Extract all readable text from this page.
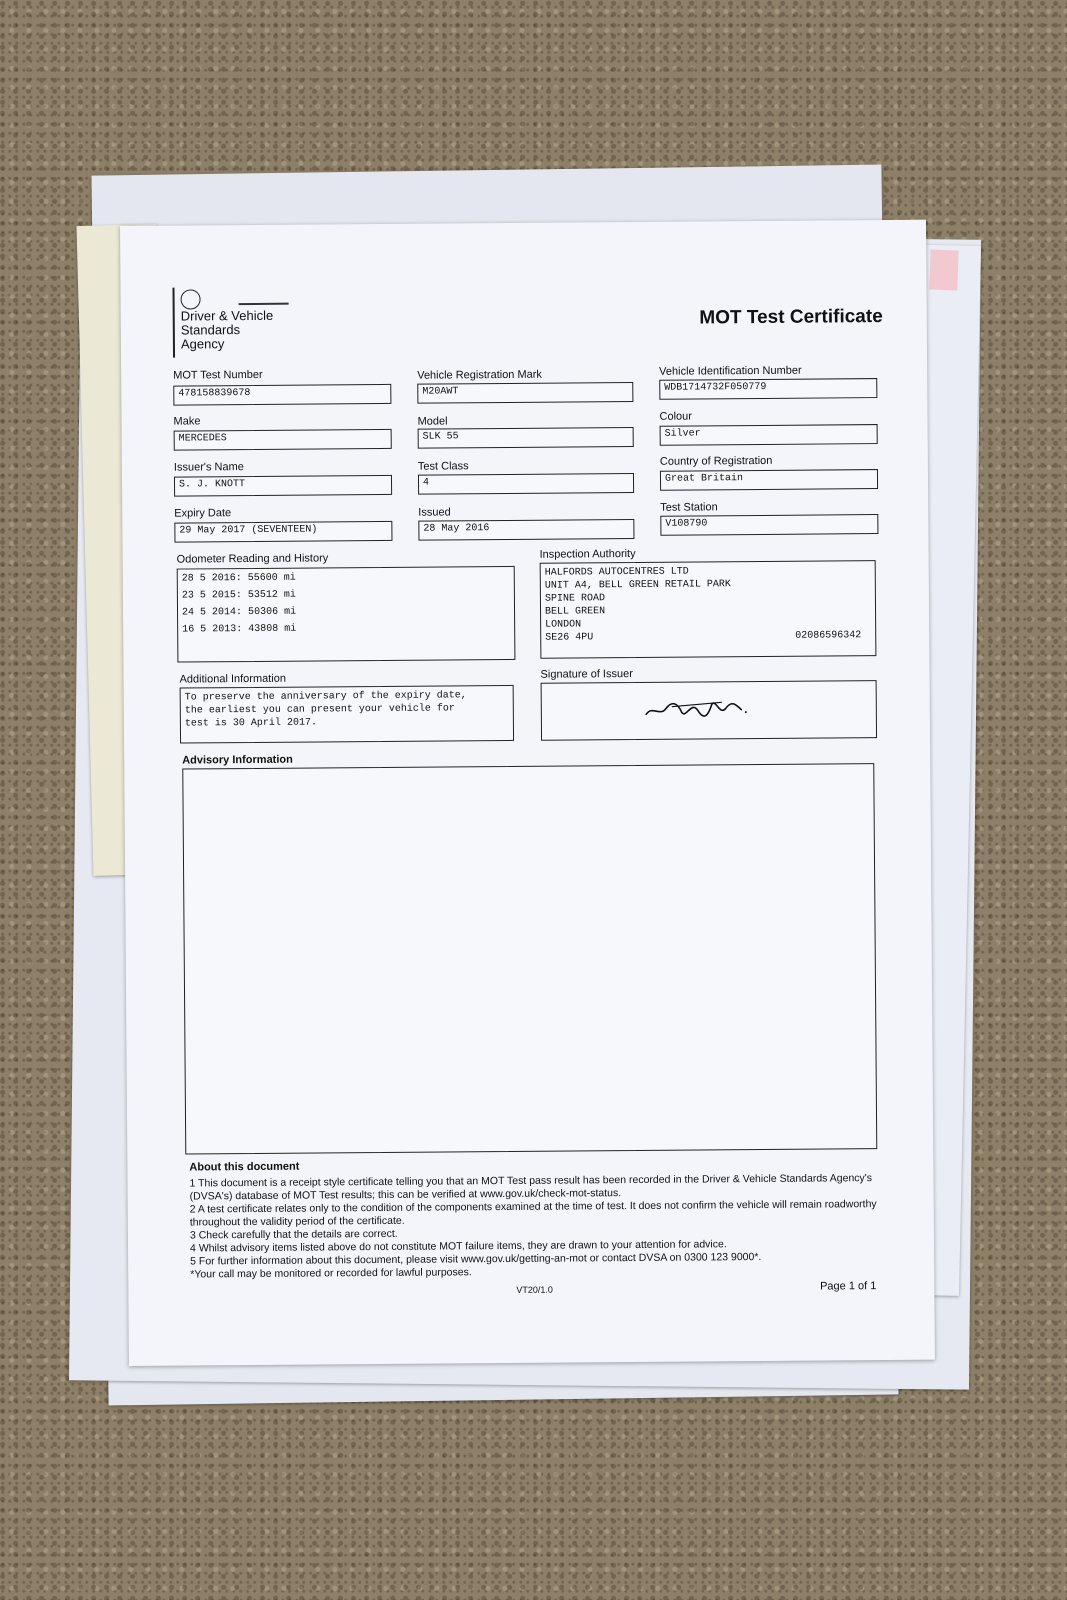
Driver & Vehicle
Standards
Agency
MOT Test Certificate
MOT Test Number
478158839678
Vehicle Registration Mark
M20AWT
Vehicle Identification Number
WDB1714732F050779
Make
MERCEDES
Model
SLK 55
Colour
Silver
Issuer's Name
S. J. KNOTT
Test Class
4
Country of Registration
Great Britain
Expiry Date
29 May 2017 (SEVENTEEN)
Issued
28 May 2016
Test Station
V108790
Odometer Reading and History
28 5 2016: 55600 mi
23 5 2015: 53512 mi
24 5 2014: 50306 mi
16 5 2013: 43808 mi
Inspection Authority
HALFORDS AUTOCENTRES LTD
UNIT A4, BELL GREEN RETAIL PARK
SPINE ROAD
BELL GREEN
LONDON
SE26 4PU	02086596342
Additional Information
To preserve the anniversary of the expiry date,
the earliest you can present your vehicle for
test is 30 April 2017.
Signature of Issuer
Advisory Information
About this document

1 This document is a receipt style certificate telling you that an MOT Test pass result has been recorded in the Driver & Vehicle Standards Agency's (DVSA's) database of MOT Test results; this can be verified at www.gov.uk/check-mot-status.

2 A test certificate relates only to the condition of the components examined at the time of test. It does not confirm the vehicle will remain roadworthy throughout the validity period of the certificate.

3 Check carefully that the details are correct.

4 Whilst advisory items listed above do not constitute MOT failure items, they are drawn to your attention for advice.

5 For further information about this document, please visit www.gov.uk/getting-an-mot or contact DVSA on 0300 123 9000*.

*Your call may be monitored or recorded for lawful purposes.

VT20/1.0	Page 1 of 1
